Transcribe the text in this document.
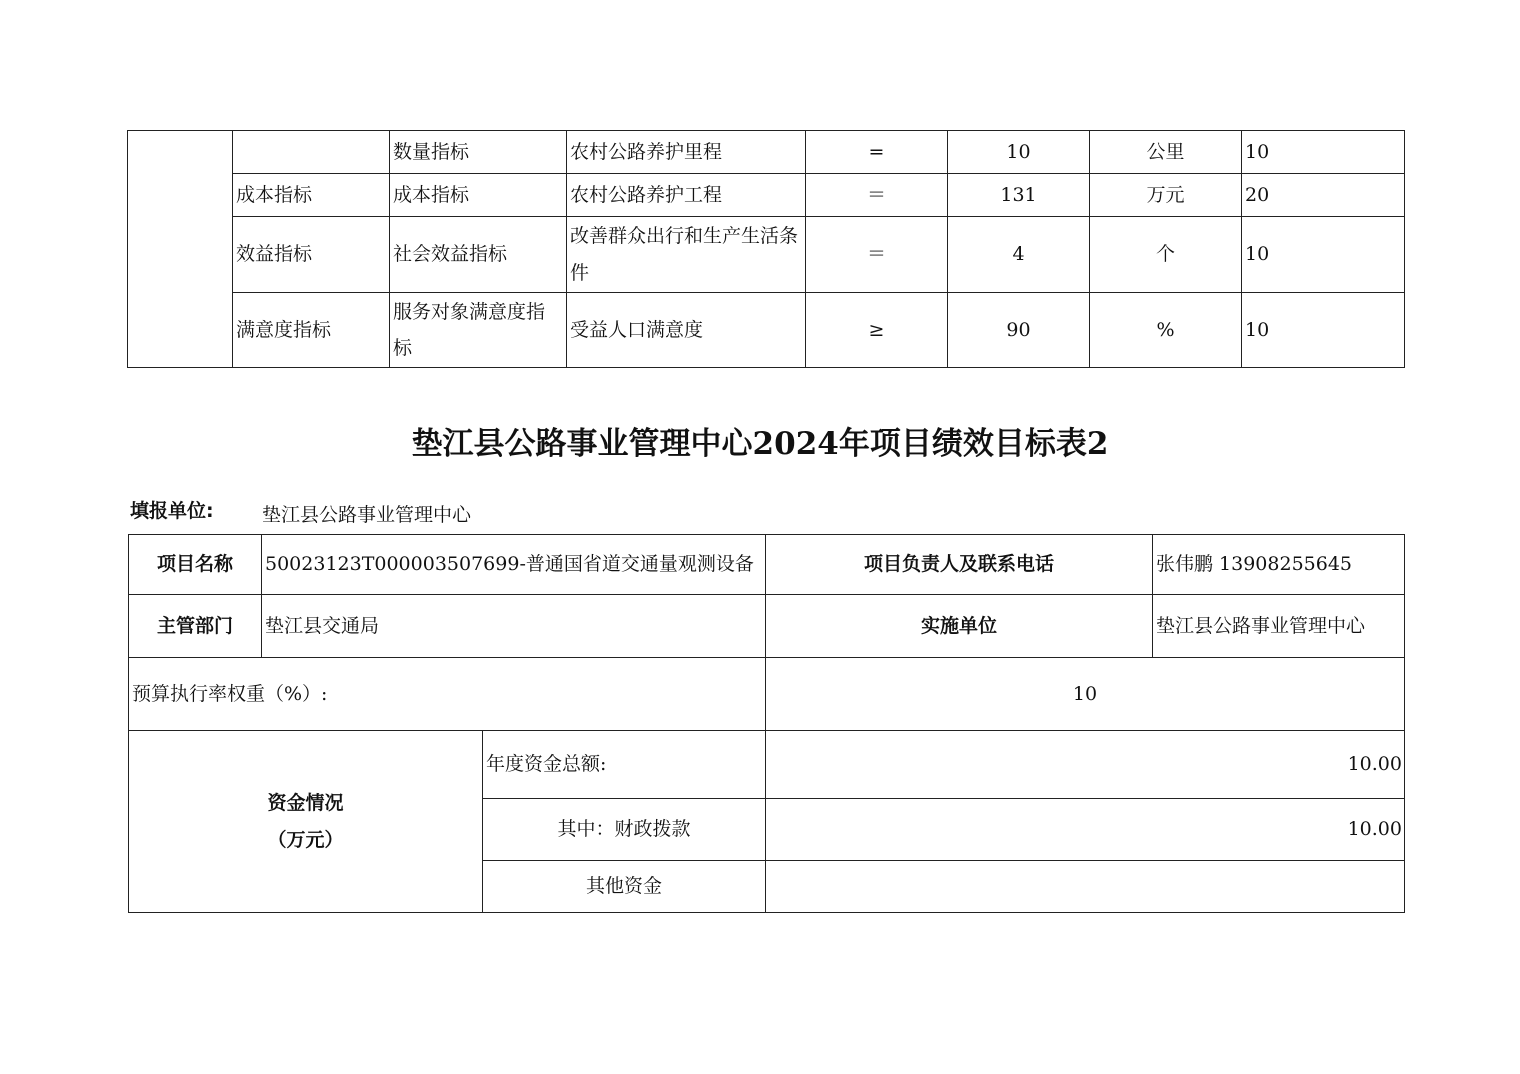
		数量指标	农村公路养护里程	=	10	公里	10
	成本指标	成本指标	农村公路养护工程	＝	131	万元	20
	效益指标	社会效益指标	改善群众出行和生产生活条件	＝	4	个	10
	满意度指标	服务对象满意度指标	受益人口满意度	≥	90	%	10
垫江县公路事业管理中心2024年项目绩效目标表2
填报单位:	垫江县公路事业管理中心
项目名称	50023123T000003507699-普通国省道交通量观测设备		项目负责人及联系电话	张伟鹏 13908255645
主管部门	垫江县交通局		实施单位	垫江县公路事业管理中心
预算执行率权重（%）:			10	

资金情况
（万元）		年度资金总额:	10.00	
		其中：财政拨款	10.00	
		其他资金		
